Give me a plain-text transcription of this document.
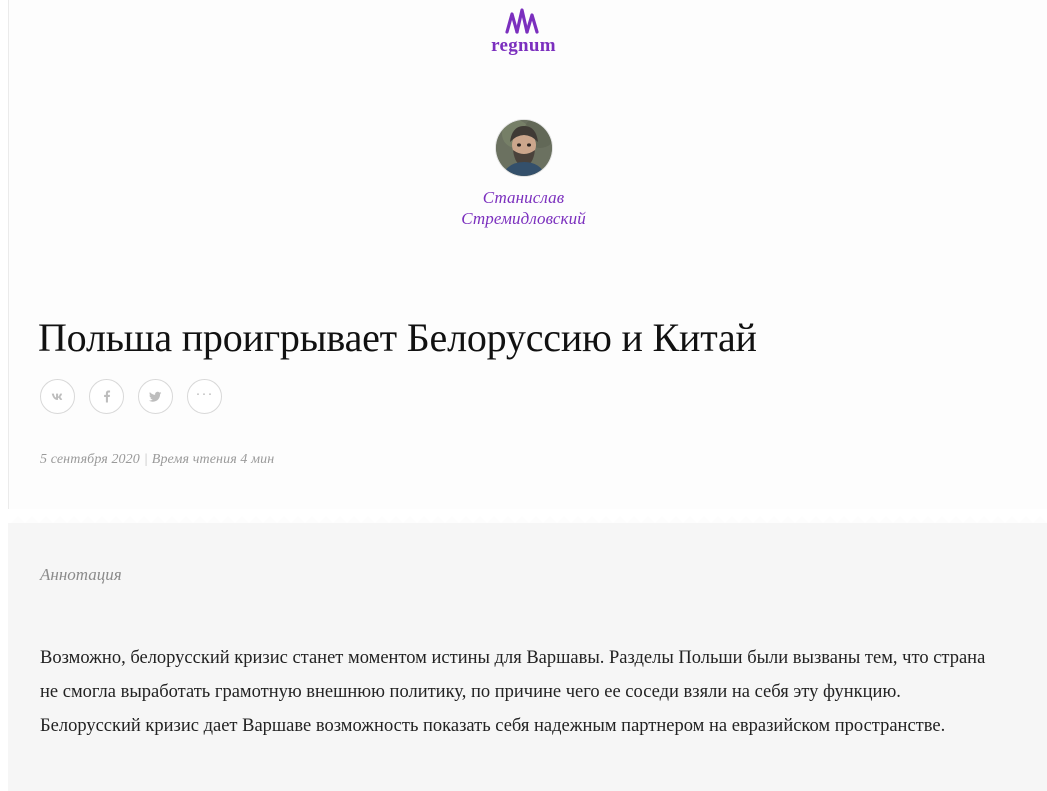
regnum
Станислав
Стремидловский
Польша проигрывает Белоруссию и Китай
···
5 сентября 2020 | Время чтения 4 мин
Аннотация

Возможно, белорусский кризис станет моментом истины для Варшавы. Разделы Польши были вызваны тем, что страна не смогла выработать грамотную внешнюю политику, по причине чего ее соседи взяли на себя эту функцию. Белорусский кризис дает Варшаве возможность показать себя надежным партнером на евразийском пространстве.
